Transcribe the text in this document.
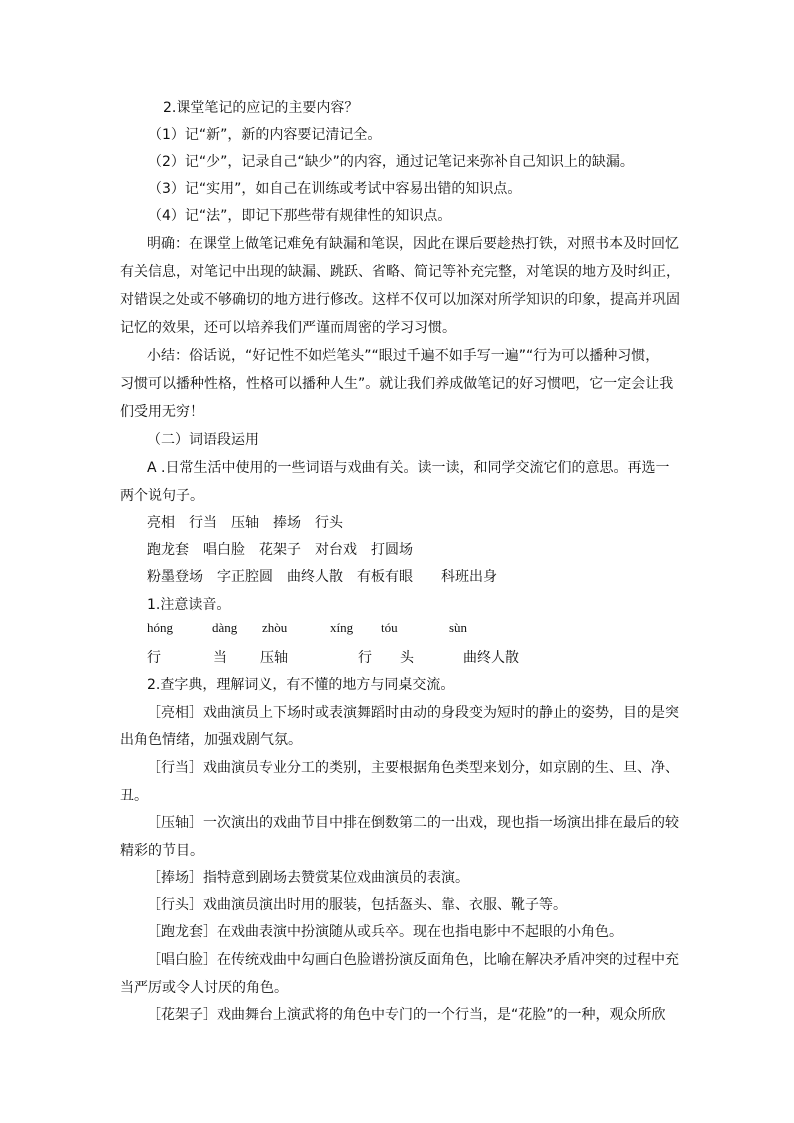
2.课堂笔记的应记的主要内容？
（1）记“新”，新的内容要记清记全。
（2）记“少”，记录自己“缺少”的内容，通过记笔记来弥补自己知识上的缺漏。
（3）记“实用”，如自己在训练或考试中容易出错的知识点。
（4）记“法”，即记下那些带有规律性的知识点。
明确：在课堂上做笔记难免有缺漏和笔误，因此在课后要趁热打铁，对照书本及时回忆
有关信息，对笔记中出现的缺漏、跳跃、省略、简记等补充完整，对笔误的地方及时纠正，
对错误之处或不够确切的地方进行修改。这样不仅可以加深对所学知识的印象，提高并巩固
记忆的效果，还可以培养我们严谨而周密的学习习惯。
小结：俗话说，“好记性不如烂笔头”“眼过千遍不如手写一遍”“行为可以播种习惯，
习惯可以播种性格，性格可以播种人生”。就让我们养成做笔记的好习惯吧，它一定会让我
们受用无穷！
（二）词语段运用
A .日常生活中使用的一些词语与戏曲有关。读一读，和同学交流它们的意思。再选一
两个说句子。
亮相　行当　压轴　捧场　行头
跑龙套　唱白脸　花架子　对台戏　打圆场
粉墨登场　字正腔圆　曲终人散　有板有眼　　科班出身
1.注意读音。
行	当 压轴	行 头	曲终人散
2.查字典，理解词义，有不懂的地方与同桌交流。
［亮相］戏曲演员上下场时或表演舞蹈时由动的身段变为短时的静止的姿势，目的是突
出角色情绪，加强戏剧气氛。
［行当］戏曲演员专业分工的类别，主要根据角色类型来划分，如京剧的生、旦、净、
丑。
［压轴］一次演出的戏曲节目中排在倒数第二的一出戏，现也指一场演出排在最后的较
精彩的节目。
［捧场］指特意到剧场去赞赏某位戏曲演员的表演。
［行头］戏曲演员演出时用的服装，包括盔头、靠、衣服、靴子等。
［跑龙套］在戏曲表演中扮演随从或兵卒。现在也指电影中不起眼的小角色。
［唱白脸］在传统戏曲中勾画白色脸谱扮演反面角色，比喻在解决矛盾冲突的过程中充
当严厉或令人讨厌的角色。
［花架子］戏曲舞台上演武将的角色中专门的一个行当，是“花脸”的一种，观众所欣
hóng	dàng zhòu	xíng tóu	sùn
